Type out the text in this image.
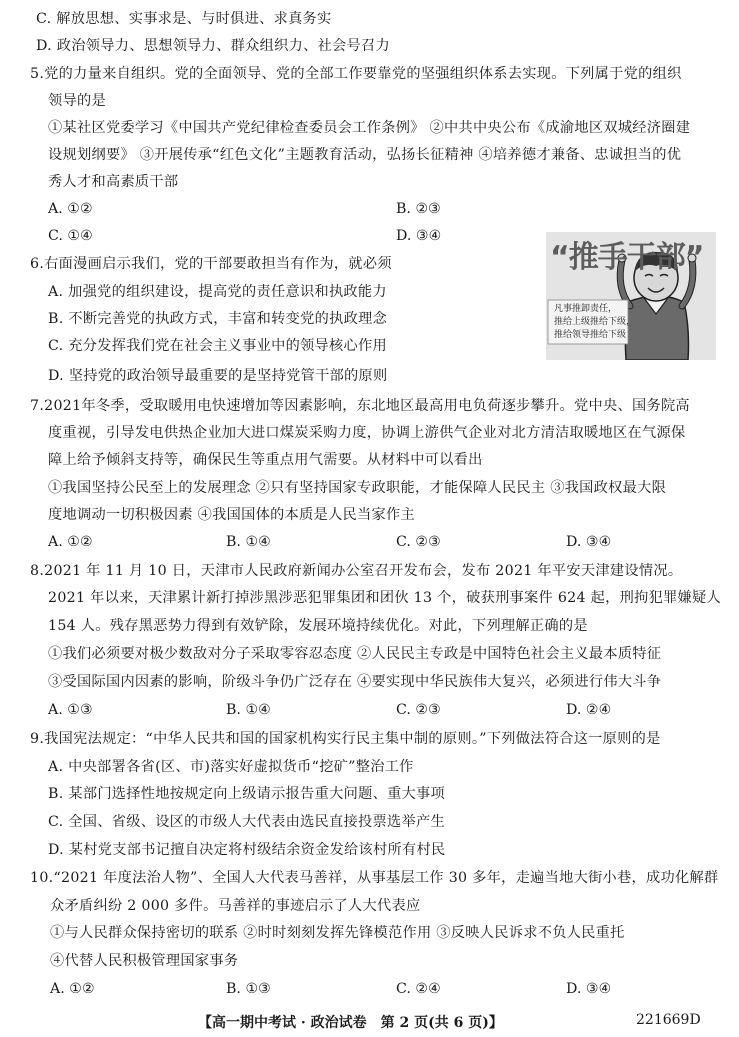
C. 解放思想、实事求是、与时俱进、求真务实
D. 政治领导力、思想领导力、群众组织力、社会号召力
5.党的力量来自组织。党的全面领导、党的全部工作要靠党的坚强组织体系去实现。下列属于党的组织
领导的是
①某社区党委学习《中国共产党纪律检查委员会工作条例》 ②中共中央公布《成渝地区双城经济圈建
设规划纲要》 ③开展传承“红色文化”主题教育活动，弘扬长征精神 ④培养德才兼备、忠诚担当的优
秀人才和高素质干部
A. ①②	B. ②③
C. ①④	D. ③④
6.右面漫画启示我们，党的干部要敢担当有作为，就必须
A. 加强党的组织建设，提高党的责任意识和执政能力
B. 不断完善党的执政方式，丰富和转变党的执政理念
C. 充分发挥我们党在社会主义事业中的领导核心作用
D. 坚持党的政治领导最重要的是坚持党管干部的原则
“推手干部”
凡事推卸责任，
推给上级推给下级，
推给领导推给下级
7.2021年冬季，受取暖用电快速增加等因素影响，东北地区最高用电负荷逐步攀升。党中央、国务院高
度重视，引导发电供热企业加大进口煤炭采购力度，协调上游供气企业对北方清洁取暖地区在气源保
障上给予倾斜支持等，确保民生等重点用气需要。从材料中可以看出
①我国坚持公民至上的发展理念 ②只有坚持国家专政职能，才能保障人民民主 ③我国政权最大限
度地调动一切积极因素 ④我国国体的本质是人民当家作主
A. ①②	B. ①④	C. ②③	D. ③④
8.2021 年 11 月 10 日，天津市人民政府新闻办公室召开发布会，发布 2021 年平安天津建设情况。
2021 年以来，天津累计新打掉涉黑涉恶犯罪集团和团伙 13 个，破获刑事案件 624 起，刑拘犯罪嫌疑人
154 人。残存黑恶势力得到有效铲除，发展环境持续优化。对此，下列理解正确的是
①我们必须要对极少数敌对分子采取零容忍态度 ②人民民主专政是中国特色社会主义最本质特征
③受国际国内因素的影响，阶级斗争仍广泛存在 ④要实现中华民族伟大复兴，必须进行伟大斗争
A. ①③	B. ①④	C. ②③	D. ②④
9.我国宪法规定：“中华人民共和国的国家机构实行民主集中制的原则。”下列做法符合这一原则的是
A. 中央部署各省(区、市)落实好虚拟货币“挖矿”整治工作
B. 某部门选择性地按规定向上级请示报告重大问题、重大事项
C. 全国、省级、设区的市级人大代表由选民直接投票选举产生
D. 某村党支部书记擅自决定将村级结余资金发给该村所有村民
10.“2021 年度法治人物”、全国人大代表马善祥，从事基层工作 30 多年，走遍当地大街小巷，成功化解群
众矛盾纠纷 2 000 多件。马善祥的事迹启示了人大代表应
①与人民群众保持密切的联系 ②时时刻刻发挥先锋模范作用 ③反映人民诉求不负人民重托
④代替人民积极管理国家事务
A. ①②	B. ①③	C. ②④	D. ③④
【高一期中考试 · 政治试卷　第 2 页(共 6 页)】	221669D
